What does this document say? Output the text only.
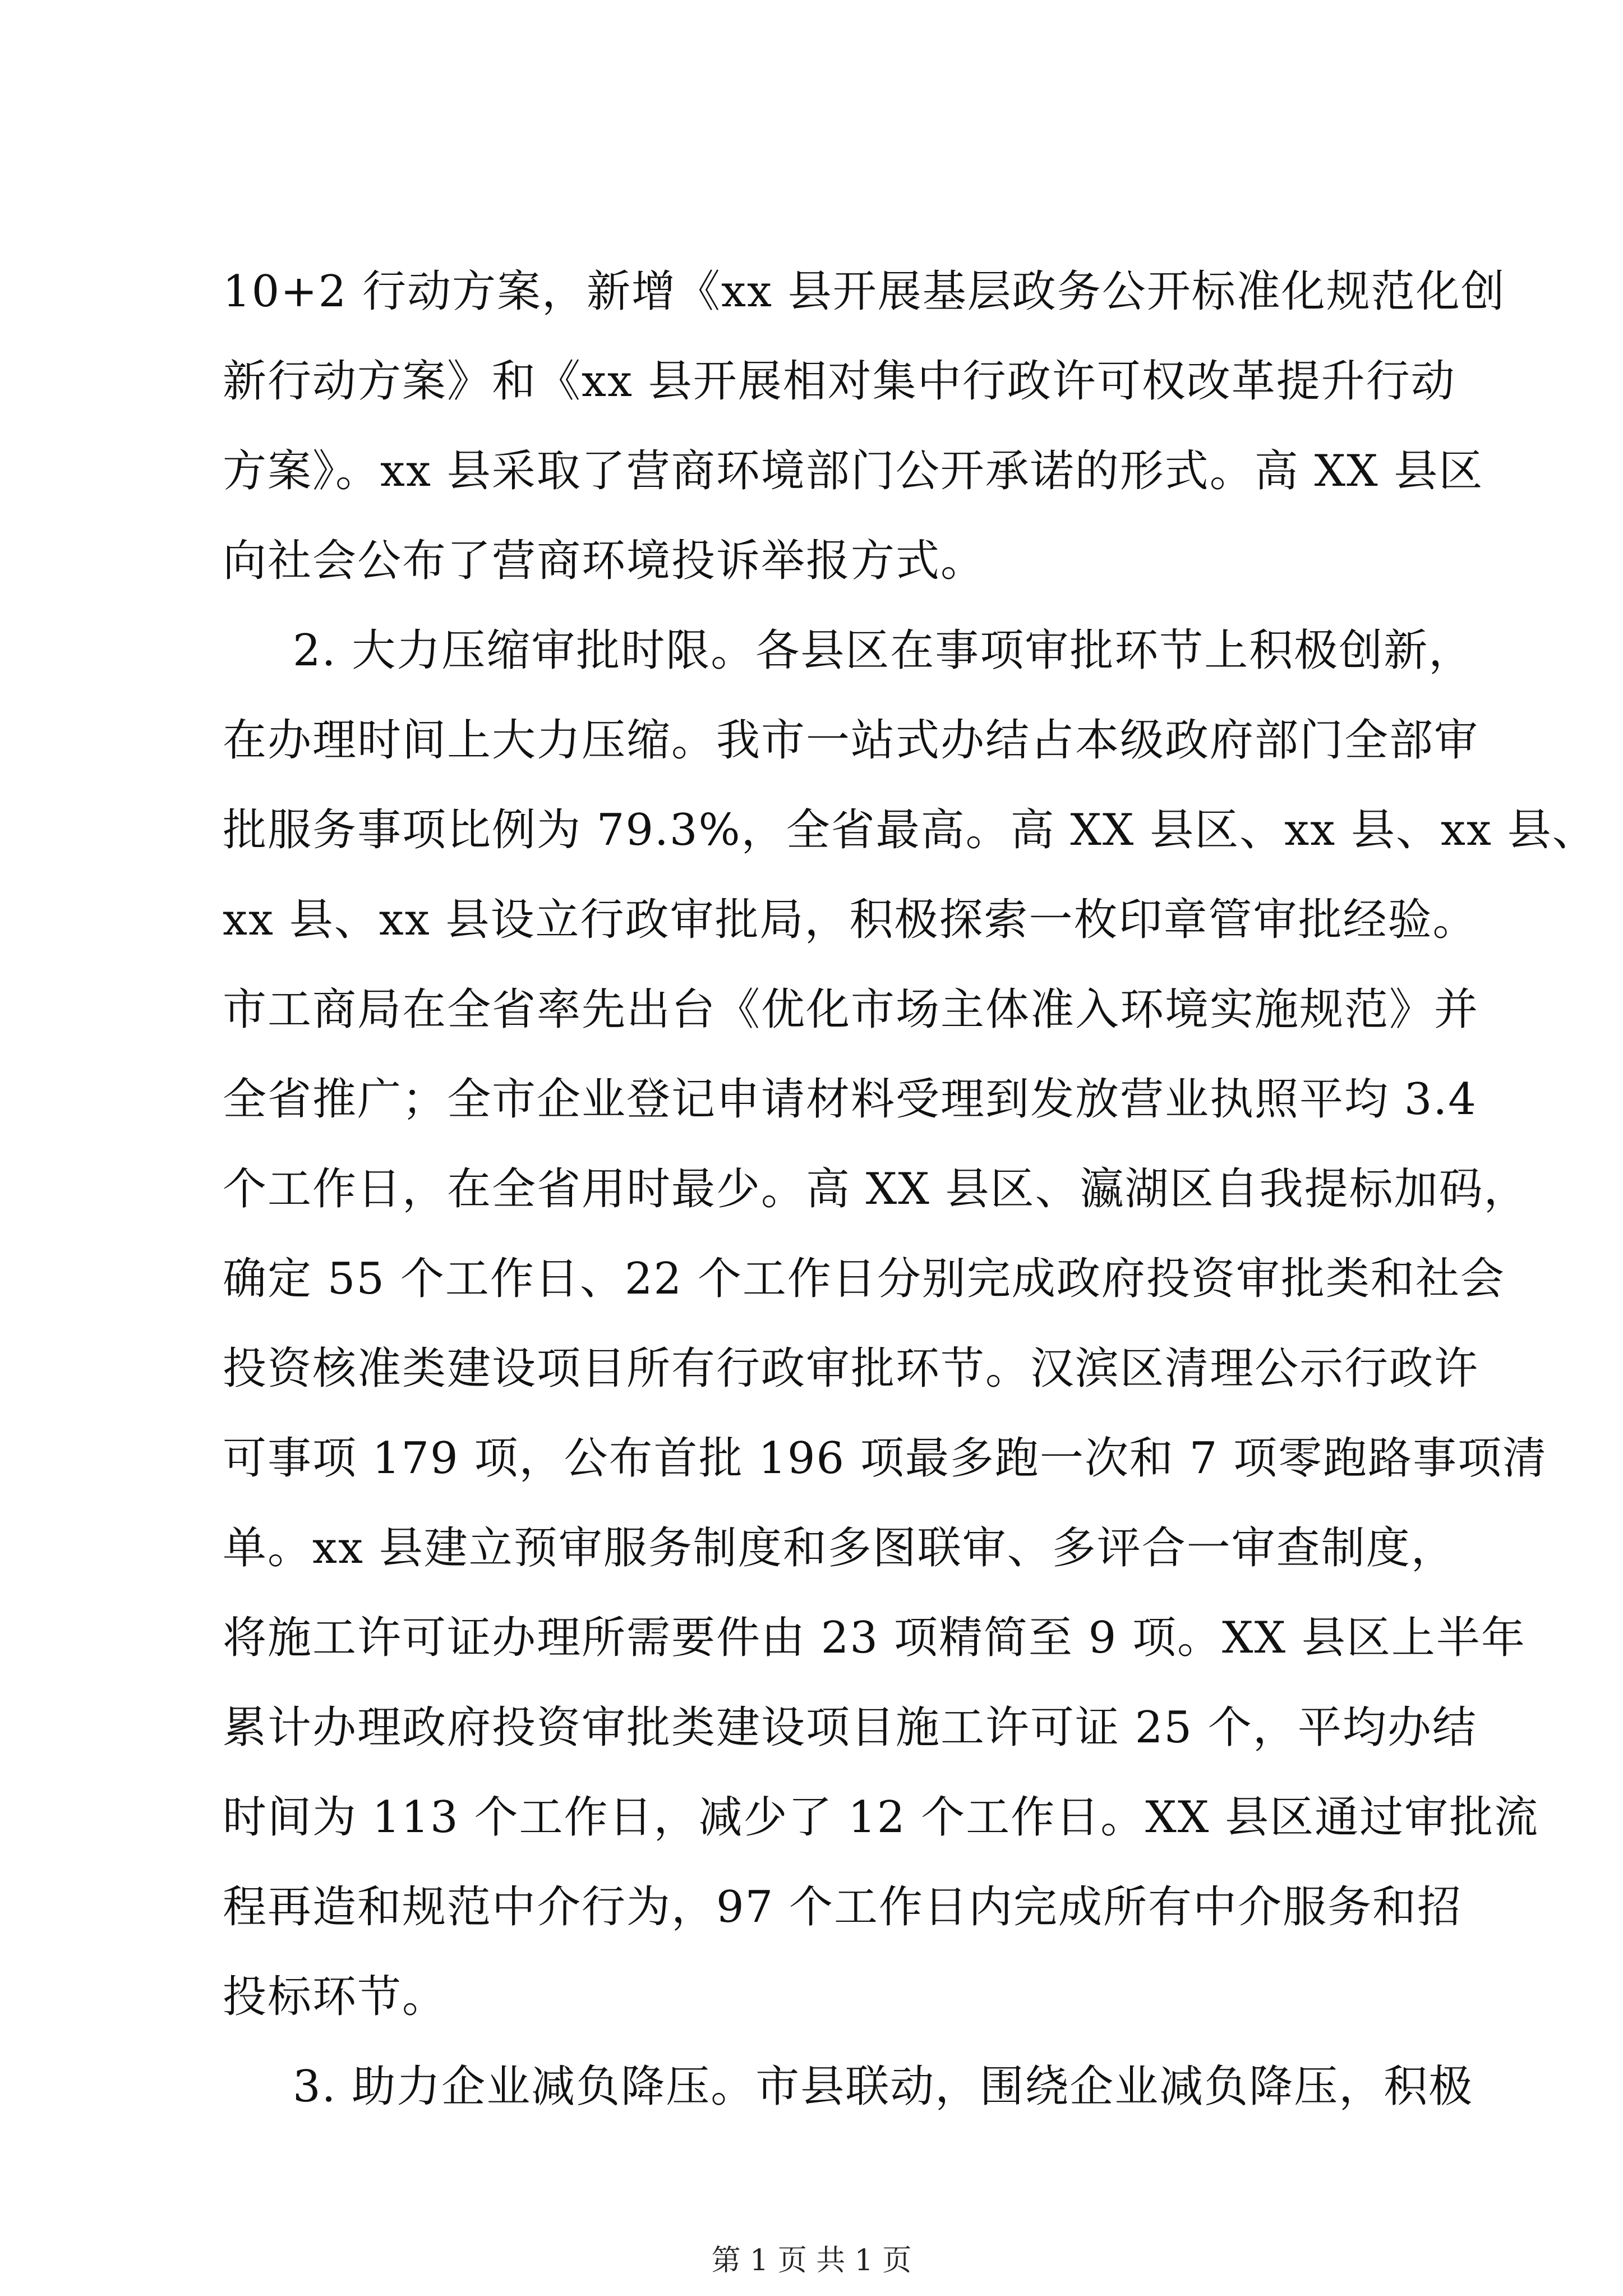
10+2 行动方案，新增《xx 县开展基层政务公开标准化规范化创
新行动方案》和《xx 县开展相对集中行政许可权改革提升行动
方案》。xx 县采取了营商环境部门公开承诺的形式。高 XX 县区
向社会公布了营商环境投诉举报方式。
2. 大力压缩审批时限。各县区在事项审批环节上积极创新，
在办理时间上大力压缩。我市一站式办结占本级政府部门全部审
批服务事项比例为 79.3%，全省最高。高 XX 县区、xx 县、xx 县、
xx 县、xx 县设立行政审批局，积极探索一枚印章管审批经验。
市工商局在全省率先出台《优化市场主体准入环境实施规范》并
全省推广；全市企业登记申请材料受理到发放营业执照平均 3.4
个工作日，在全省用时最少。高 XX 县区、瀛湖区自我提标加码，
确定 55 个工作日、22 个工作日分别完成政府投资审批类和社会
投资核准类建设项目所有行政审批环节。汉滨区清理公示行政许
可事项 179 项，公布首批 196 项最多跑一次和 7 项零跑路事项清
单。xx 县建立预审服务制度和多图联审、多评合一审查制度，
将施工许可证办理所需要件由 23 项精简至 9 项。XX 县区上半年
累计办理政府投资审批类建设项目施工许可证 25 个，平均办结
时间为 113 个工作日，减少了 12 个工作日。XX 县区通过审批流
程再造和规范中介行为，97 个工作日内完成所有中介服务和招
投标环节。
3. 助力企业减负降压。市县联动，围绕企业减负降压，积极
第 1 页 共 1 页
